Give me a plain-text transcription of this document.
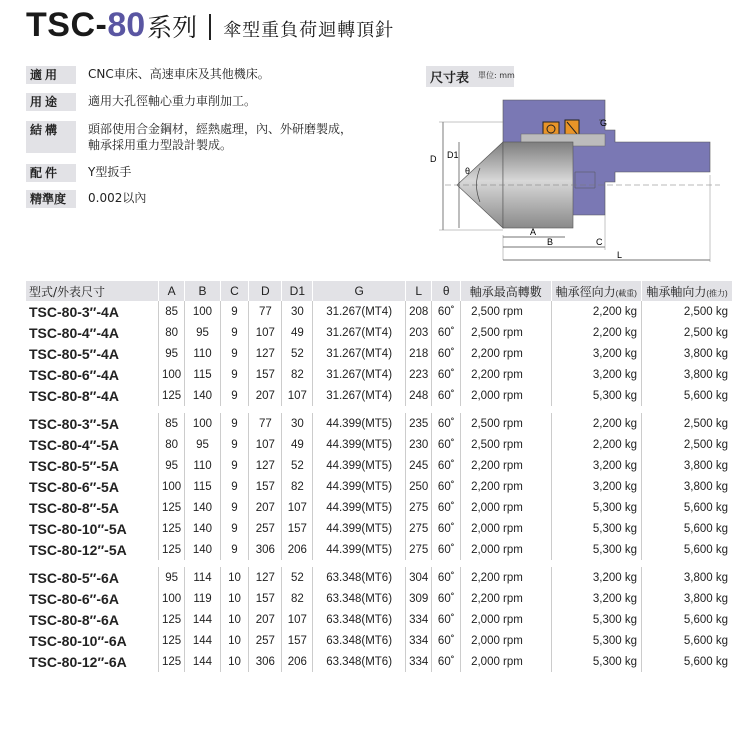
TSC- 80 系列 傘型重負荷迴轉頂針
適用	CNC車床、高速車床及其他機床。
用途	適用大孔徑軸心重力車削加工。
結構	頭部使用合金鋼材，經熱處理，內、外研磨製成，
軸承採用重力型設計製成。
配件	Y型扳手
精準度	0.002以內
尺寸表	單位: mm
D D1
θ
G
A
B	C
L
型式/外表尺寸	A	B	C	D	D1	G	L	θ	軸承最高轉數	軸承徑向力(載重)	軸承軸向力(推力)
TSC-80-3″-4A	85	100	9	77	30	31.267(MT4)	208	60˚	2,500 rpm	2,200 kg	2,500 kg
TSC-80-4″-4A	80	95	9	107	49	31.267(MT4)	203	60˚	2,500 rpm	2,200 kg	2,500 kg
TSC-80-5″-4A	95	110	9	127	52	31.267(MT4)	218	60˚	2,200 rpm	3,200 kg	3,800 kg
TSC-80-6″-4A	100	115	9	157	82	31.267(MT4)	223	60˚	2,200 rpm	3,200 kg	3,800 kg
TSC-80-8″-4A	125	140	9	207	107	31.267(MT4)	248	60˚	2,000 rpm	5,300 kg	5,600 kg

TSC-80-3″-5A	85	100	9	77	30	44.399(MT5)	235	60˚	2,500 rpm	2,200 kg	2,500 kg
TSC-80-4″-5A	80	95	9	107	49	44.399(MT5)	230	60˚	2,500 rpm	2,200 kg	2,500 kg
TSC-80-5″-5A	95	110	9	127	52	44.399(MT5)	245	60˚	2,200 rpm	3,200 kg	3,800 kg
TSC-80-6″-5A	100	115	9	157	82	44.399(MT5)	250	60˚	2,200 rpm	3,200 kg	3,800 kg
TSC-80-8″-5A	125	140	9	207	107	44.399(MT5)	275	60˚	2,000 rpm	5,300 kg	5,600 kg
TSC-80-10″-5A	125	140	9	257	157	44.399(MT5)	275	60˚	2,000 rpm	5,300 kg	5,600 kg
TSC-80-12″-5A	125	140	9	306	206	44.399(MT5)	275	60˚	2,000 rpm	5,300 kg	5,600 kg

TSC-80-5″-6A	95	114	10	127	52	63.348(MT6)	304	60˚	2,200 rpm	3,200 kg	3,800 kg
TSC-80-6″-6A	100	119	10	157	82	63.348(MT6)	309	60˚	2,200 rpm	3,200 kg	3,800 kg
TSC-80-8″-6A	125	144	10	207	107	63.348(MT6)	334	60˚	2,000 rpm	5,300 kg	5,600 kg
TSC-80-10″-6A	125	144	10	257	157	63.348(MT6)	334	60˚	2,000 rpm	5,300 kg	5,600 kg
TSC-80-12″-6A	125	144	10	306	206	63.348(MT6)	334	60˚	2,000 rpm	5,300 kg	5,600 kg
